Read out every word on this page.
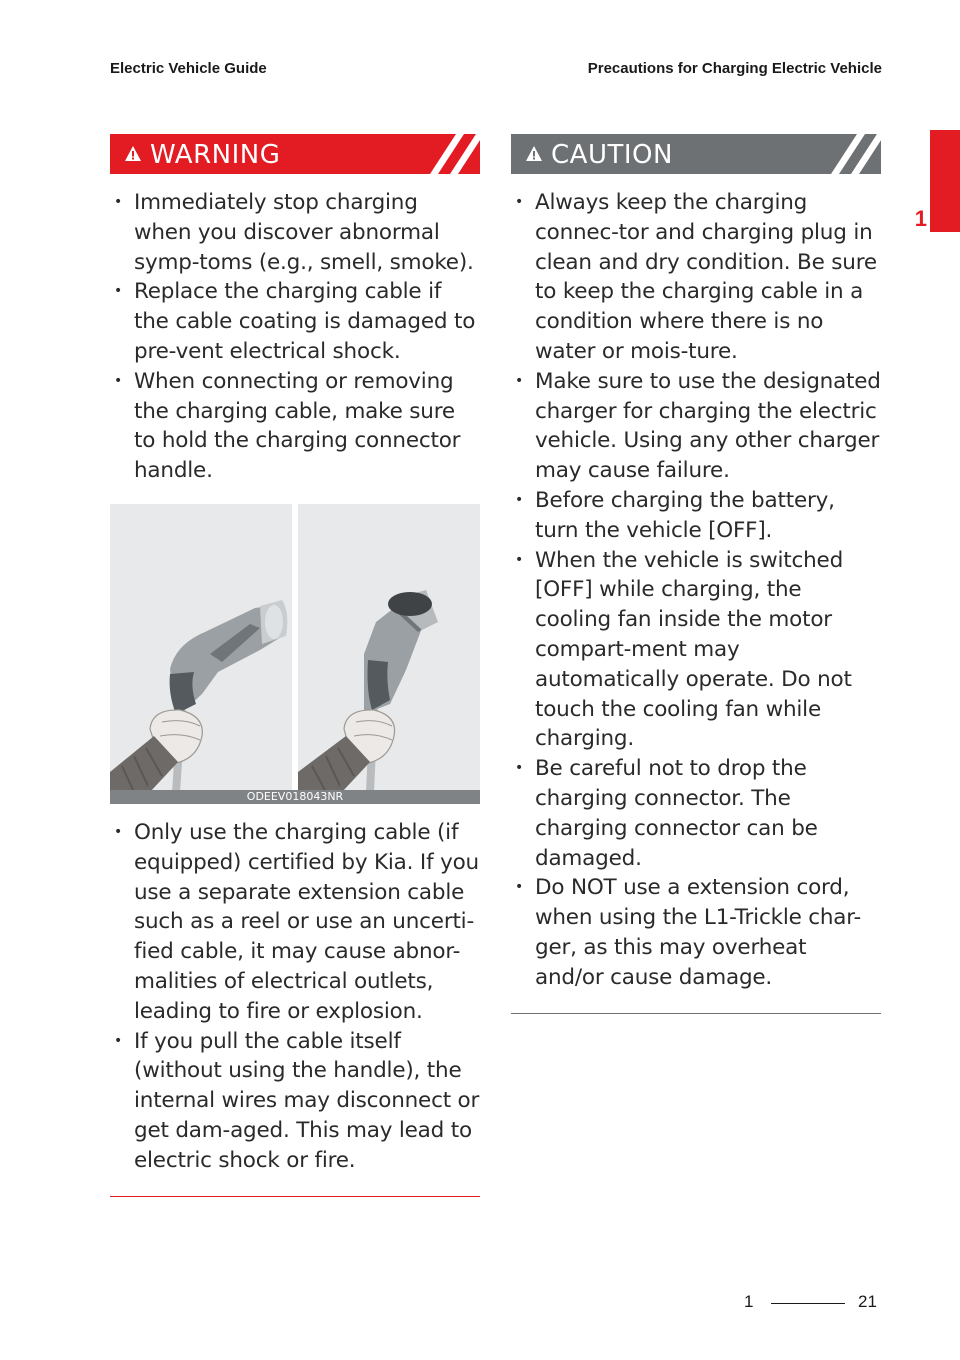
Electric Vehicle Guide	Precautions for Charging Electric Vehicle
1
WARNING
• Immediately stop charging when you discover abnormal symp-toms (e.g., smell, smoke).
• Replace the charging cable if the cable coating is damaged to pre-vent electrical shock.
• When connecting or removing the charging cable, make sure to hold the charging connector handle.
ODEEV018043NR
• Only use the charging cable (if equipped) certified by Kia. If you use a separate extension cable such as a reel or use an uncerti-fied cable, it may cause abnor-malities of electrical outlets, leading to fire or explosion.
• If you pull the cable itself (without using the handle), the internal wires may disconnect or get dam-aged. This may lead to electric shock or fire.
CAUTION
• Always keep the charging connec-tor and charging plug in clean and dry condition. Be sure to keep the charging cable in a condition where there is no water or mois-ture.
• Make sure to use the designated charger for charging the electric vehicle. Using any other charger may cause failure.
• Before charging the battery, turn the vehicle [OFF].
• When the vehicle is switched [OFF] while charging, the cooling fan inside the motor compart-ment may automatically operate. Do not touch the cooling fan while charging.
• Be careful not to drop the charging connector. The charging connector can be damaged.
• Do NOT use a extension cord, when using the L1-Trickle char-ger, as this may overheat and/or cause damage.
1	21
